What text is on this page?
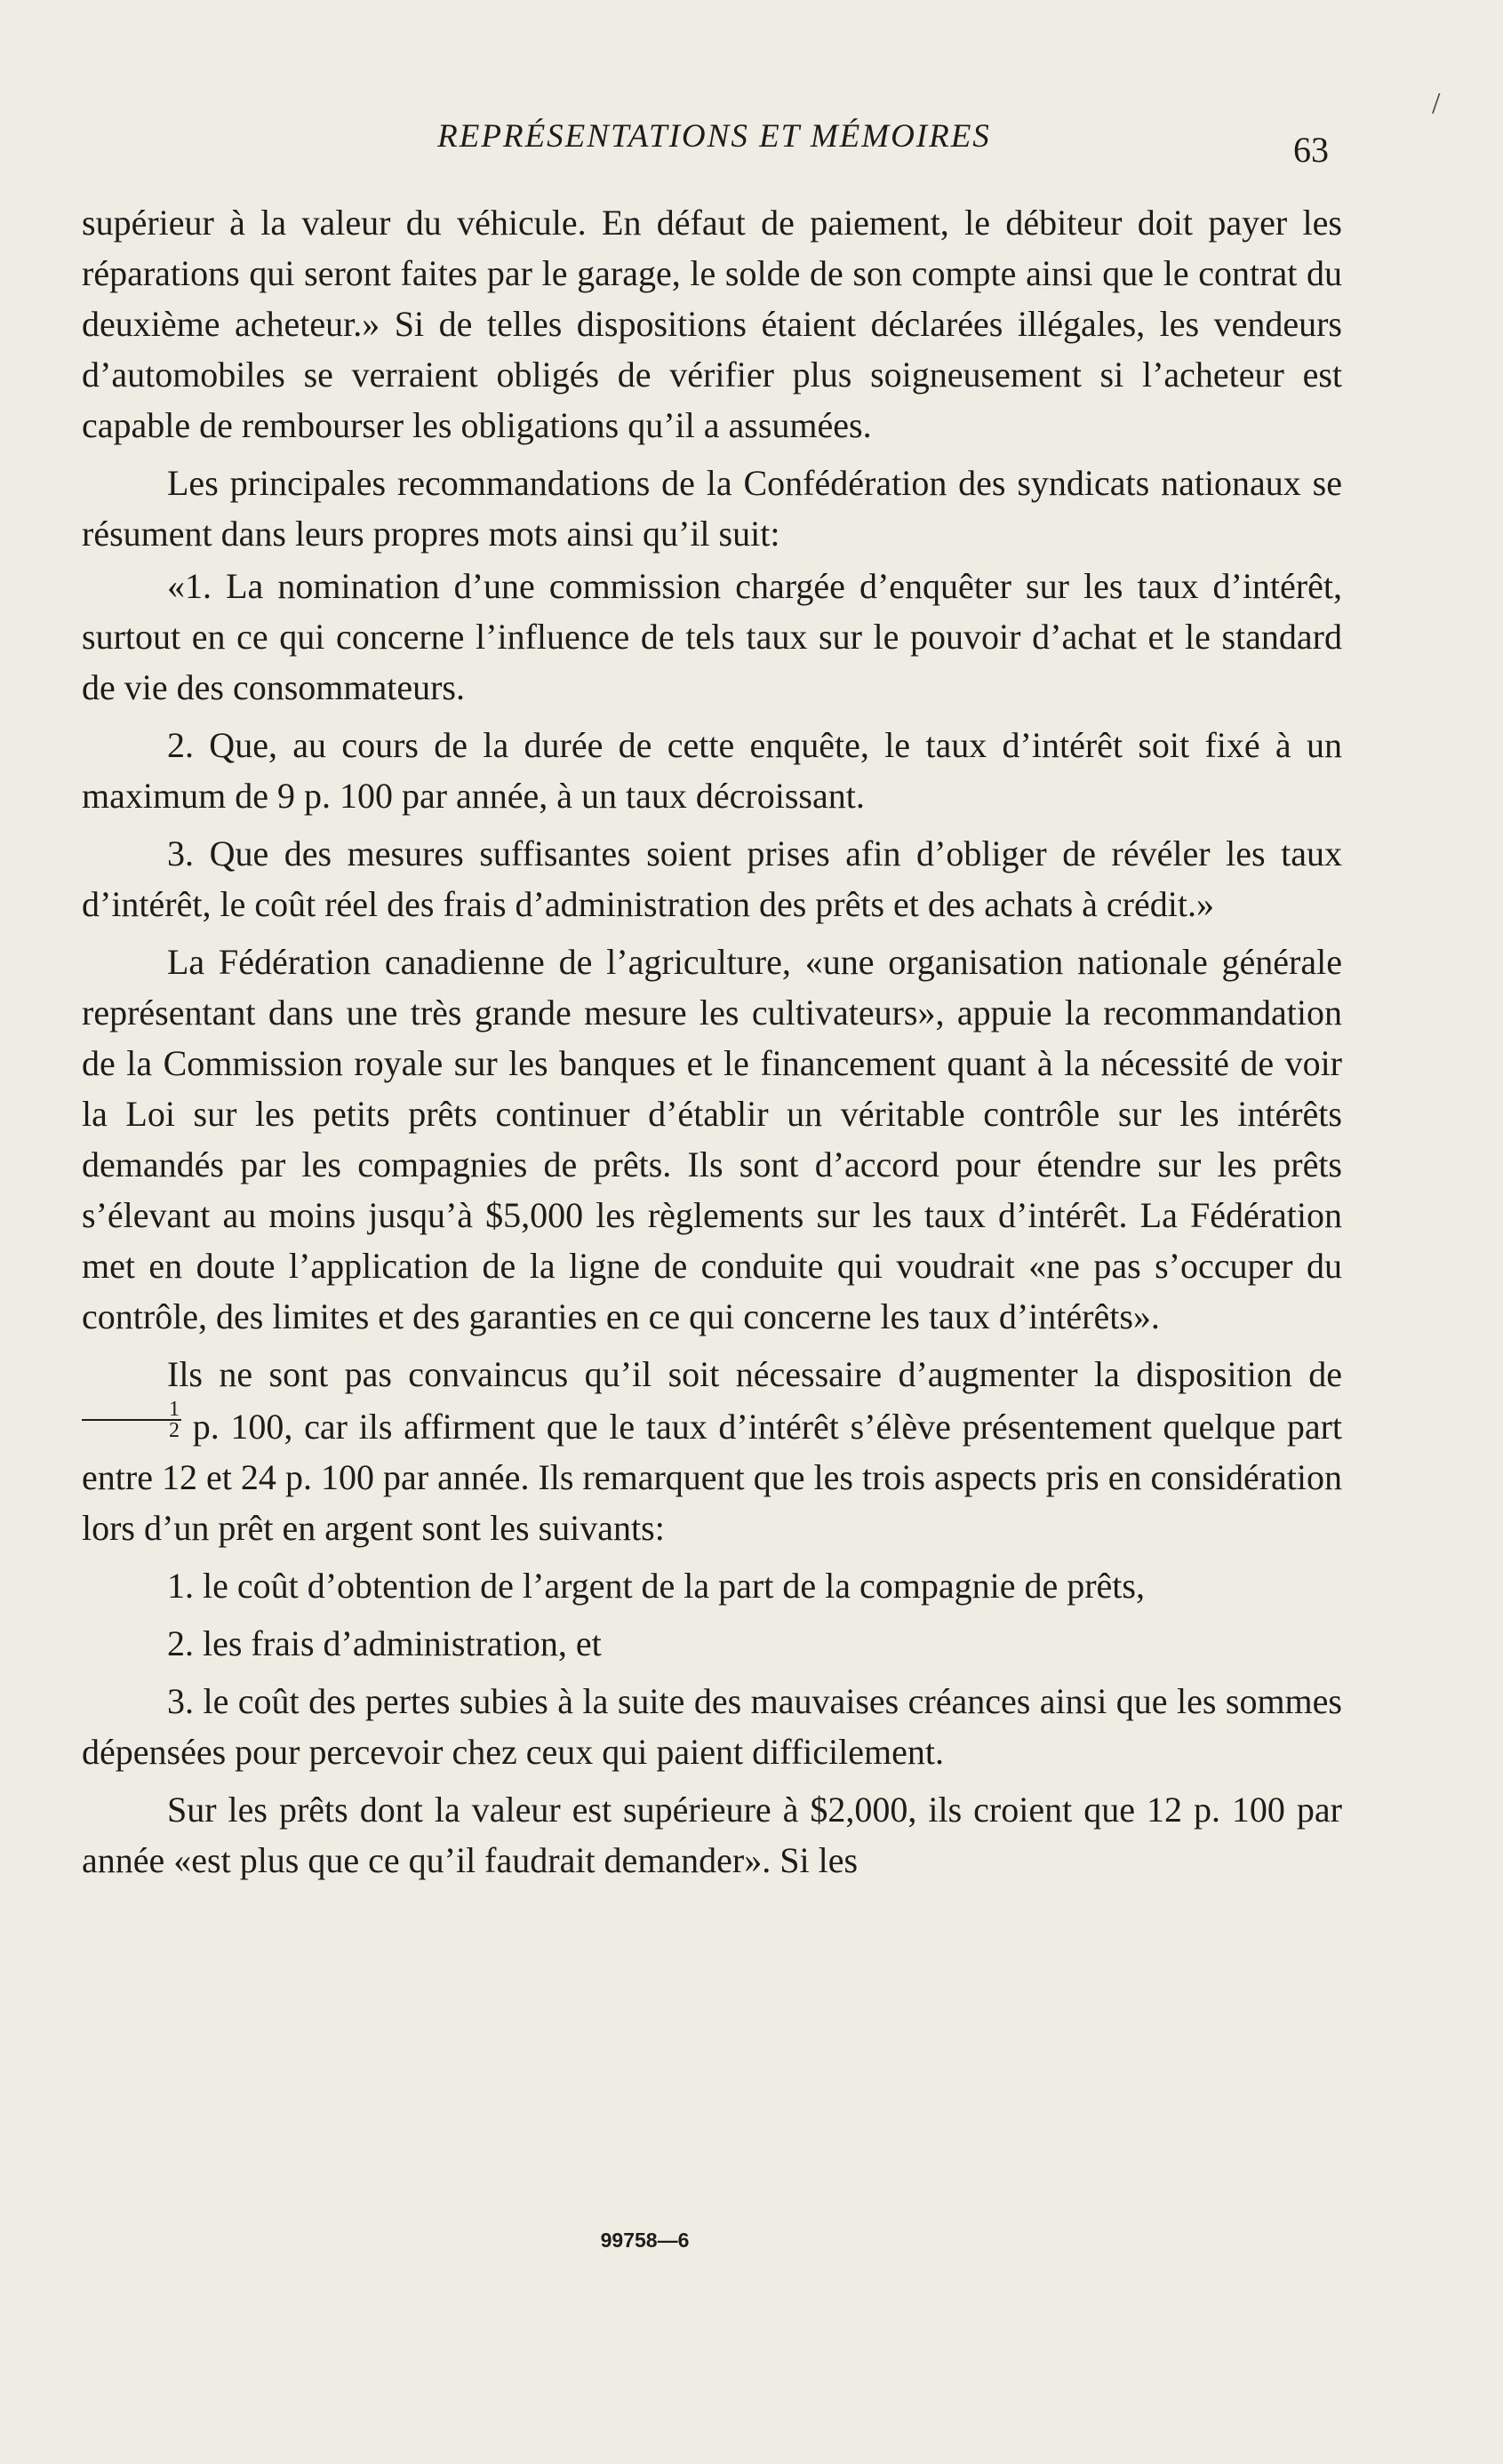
/
REPRÉSENTATIONS ET MÉMOIRES	63

supérieur à la valeur du véhicule. En défaut de paiement, le débiteur doit payer les réparations qui seront faites par le garage, le solde de son compte ainsi que le contrat du deuxième acheteur.» Si de telles dispositions étaient déclarées illégales, les vendeurs d’automobiles se verraient obligés de vérifier plus soigneusement si l’acheteur est capable de rembourser les obligations qu’il a assumées.

Les principales recommandations de la Confédération des syndicats nationaux se résument dans leurs propres mots ainsi qu’il suit:

«1. La nomination d’une commission chargée d’enquêter sur les taux d’intérêt, surtout en ce qui concerne l’influence de tels taux sur le pouvoir d’achat et le standard de vie des consommateurs.

2. Que, au cours de la durée de cette enquête, le taux d’intérêt soit fixé à un maximum de 9 p. 100 par année, à un taux décroissant.

3. Que des mesures suffisantes soient prises afin d’obliger de révéler les taux d’intérêt, le coût réel des frais d’administration des prêts et des achats à crédit.»

La Fédération canadienne de l’agriculture, «une organisation nationale générale représentant dans une très grande mesure les cultivateurs», appuie la recommandation de la Commission royale sur les banques et le financement quant à la nécessité de voir la Loi sur les petits prêts continuer d’établir un véritable contrôle sur les intérêts demandés par les compagnies de prêts. Ils sont d’accord pour étendre sur les prêts s’élevant au moins jusqu’à $5,000 les règlements sur les taux d’intérêt. La Fédération met en doute l’application de la ligne de conduite qui voudrait «ne pas s’occuper du contrôle, des limites et des garanties en ce qui concerne les taux d’intérêts».

Ils ne sont pas convaincus qu’il soit nécessaire d’augmenter la disposition de
$\frac{1}{2} p$. 100, car ils affirment que le taux d’intérêt s’élève présentement quelque part entre 12 et 24 p. 100 par année. Ils remarquent que les trois aspects pris en considération lors d’un prêt en argent sont les suivants:

1. le coût d’obtention de l’argent de la part de la compagnie de prêts,

2. les frais d’administration, et

3. le coût des pertes subies à la suite des mauvaises créances ainsi que les sommes dépensées pour percevoir chez ceux qui paient difficilement.

Sur les prêts dont la valeur est supérieure à $2,000, ils croient que 12 p. 100 par année «est plus que ce qu’il faudrait demander». Si les

99758—6
